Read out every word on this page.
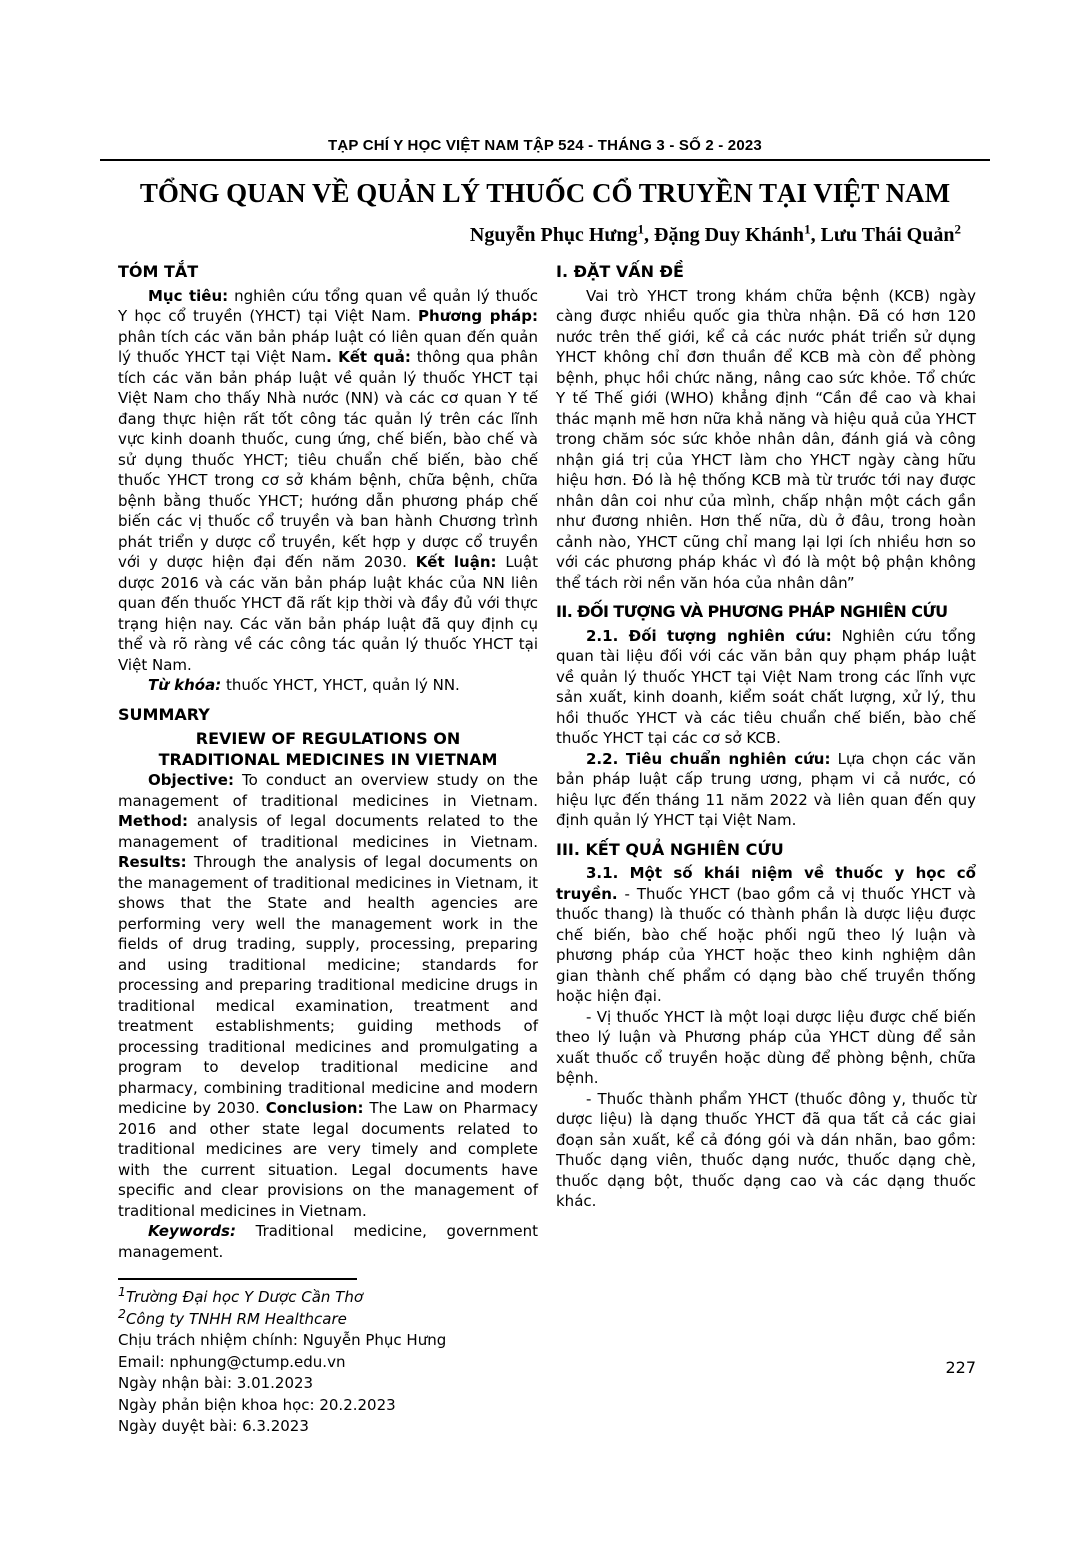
TẠP CHÍ Y HỌC VIỆT NAM TẬP 524 - THÁNG 3 - SỐ 2 - 2023
TỔNG QUAN VỀ QUẢN LÝ THUỐC CỔ TRUYỀN TẠI VIỆT NAM
Nguyễn Phục Hưng$^1$, Đặng Duy Khánh$^1$, Lưu Thái Quản$^2$
TÓM TẮT

Mục tiêu: nghiên cứu tổng quan về quản lý thuốc Y học cổ truyền (YHCT) tại Việt Nam. Phương pháp: phân tích các văn bản pháp luật có liên quan đến quản lý thuốc YHCT tại Việt Nam. Kết quả: thông qua phân tích các văn bản pháp luật về quản lý thuốc YHCT tại Việt Nam cho thấy Nhà nước (NN) và các cơ quan Y tế đang thực hiện rất tốt công tác quản lý trên các lĩnh vực kinh doanh thuốc, cung ứng, chế biến, bào chế và sử dụng thuốc YHCT; tiêu chuẩn chế biến, bào chế thuốc YHCT trong cơ sở khám bệnh, chữa bệnh, chữa bệnh bằng thuốc YHCT; hướng dẫn phương pháp chế biến các vị thuốc cổ truyền và ban hành Chương trình phát triển y dược cổ truyền, kết hợp y dược cổ truyền với y dược hiện đại đến năm 2030. Kết luận: Luật dược 2016 và các văn bản pháp luật khác của NN liên quan đến thuốc YHCT đã rất kịp thời và đầy đủ với thực trạng hiện nay. Các văn bản pháp luật đã quy định cụ thể và rõ ràng về các công tác quản lý thuốc YHCT tại Việt Nam.

Từ khóa: thuốc YHCT, YHCT, quản lý NN.

SUMMARY
REVIEW OF REGULATIONS ON TRADITIONAL MEDICINES IN VIETNAM

Objective: To conduct an overview study on the management of traditional medicines in Vietnam. Method: analysis of legal documents related to the management of traditional medicines in Vietnam. Results: Through the analysis of legal documents on the management of traditional medicines in Vietnam, it shows that the State and health agencies are performing very well the management work in the fields of drug trading, supply, processing, preparing and using traditional medicine; standards for processing and preparing traditional medicine drugs in traditional medical examination, treatment and treatment establishments; guiding methods of processing traditional medicines and promulgating a program to develop traditional medicine and pharmacy, combining traditional medicine and modern medicine by 2030. Conclusion: The Law on Pharmacy 2016 and other state legal documents related to traditional medicines are very timely and complete with the current situation. Legal documents have specific and clear provisions on the management of traditional medicines in Vietnam.

Keywords: Traditional medicine, government management.

$^1$Trường Đại học Y Dược Cần Thơ

$^2$Công ty TNHH RM Healthcare

Chịu trách nhiệm chính: Nguyễn Phục Hưng

Email: nphung@ctump.edu.vn

Ngày nhận bài: 3.01.2023

Ngày phản biện khoa học: 20.2.2023

Ngày duyệt bài: 6.3.2023

I. ĐẶT VẤN ĐỀ

Vai trò YHCT trong khám chữa bệnh (KCB) ngày càng được nhiều quốc gia thừa nhận. Đã có hơn 120 nước trên thế giới, kể cả các nước phát triển sử dụng YHCT không chỉ đơn thuần để KCB mà còn để phòng bệnh, phục hồi chức năng, nâng cao sức khỏe. Tổ chức Y tế Thế giới (WHO) khẳng định “Cần đề cao và khai thác mạnh mẽ hơn nữa khả năng và hiệu quả của YHCT trong chăm sóc sức khỏe nhân dân, đánh giá và công nhận giá trị của YHCT làm cho YHCT ngày càng hữu hiệu hơn. Đó là hệ thống KCB mà từ trước tới nay được nhân dân coi như của mình, chấp nhận một cách gần như đương nhiên. Hơn thế nữa, dù ở đâu, trong hoàn cảnh nào, YHCT cũng chỉ mang lại lợi ích nhiều hơn so với các phương pháp khác vì đó là một bộ phận không thể tách rời nền văn hóa của nhân dân”

II. ĐỐI TƯỢNG VÀ PHƯƠNG PHÁP NGHIÊN CỨU

2.1. Đối tượng nghiên cứu: Nghiên cứu tổng quan tài liệu đối với các văn bản quy phạm pháp luật về quản lý thuốc YHCT tại Việt Nam trong các lĩnh vực sản xuất, kinh doanh, kiểm soát chất lượng, xử lý, thu hồi thuốc YHCT và các tiêu chuẩn chế biến, bào chế thuốc YHCT tại các cơ sở KCB.

2.2. Tiêu chuẩn nghiên cứu: Lựa chọn các văn bản pháp luật cấp trung ương, phạm vi cả nước, có hiệu lực đến tháng 11 năm 2022 và liên quan đến quy định quản lý YHCT tại Việt Nam.

III. KẾT QUẢ NGHIÊN CỨU

3.1. Một số khái niệm về thuốc y học cổ truyền. - Thuốc YHCT (bao gồm cả vị thuốc YHCT và thuốc thang) là thuốc có thành phần là dược liệu được chế biến, bào chế hoặc phối ngũ theo lý luận và phương pháp của YHCT hoặc theo kinh nghiệm dân gian thành chế phẩm có dạng bào chế truyền thống hoặc hiện đại.

- Vị thuốc YHCT là một loại dược liệu được chế biến theo lý luận và Phương pháp của YHCT dùng để sản xuất thuốc cổ truyền hoặc dùng để phòng bệnh, chữa bệnh.

- Thuốc thành phẩm YHCT (thuốc đông y, thuốc từ dược liệu) là dạng thuốc YHCT đã qua tất cả các giai đoạn sản xuất, kể cả đóng gói và dán nhãn, bao gồm: Thuốc dạng viên, thuốc dạng nước, thuốc dạng chè, thuốc dạng bột, thuốc dạng cao và các dạng thuốc khác.

227
